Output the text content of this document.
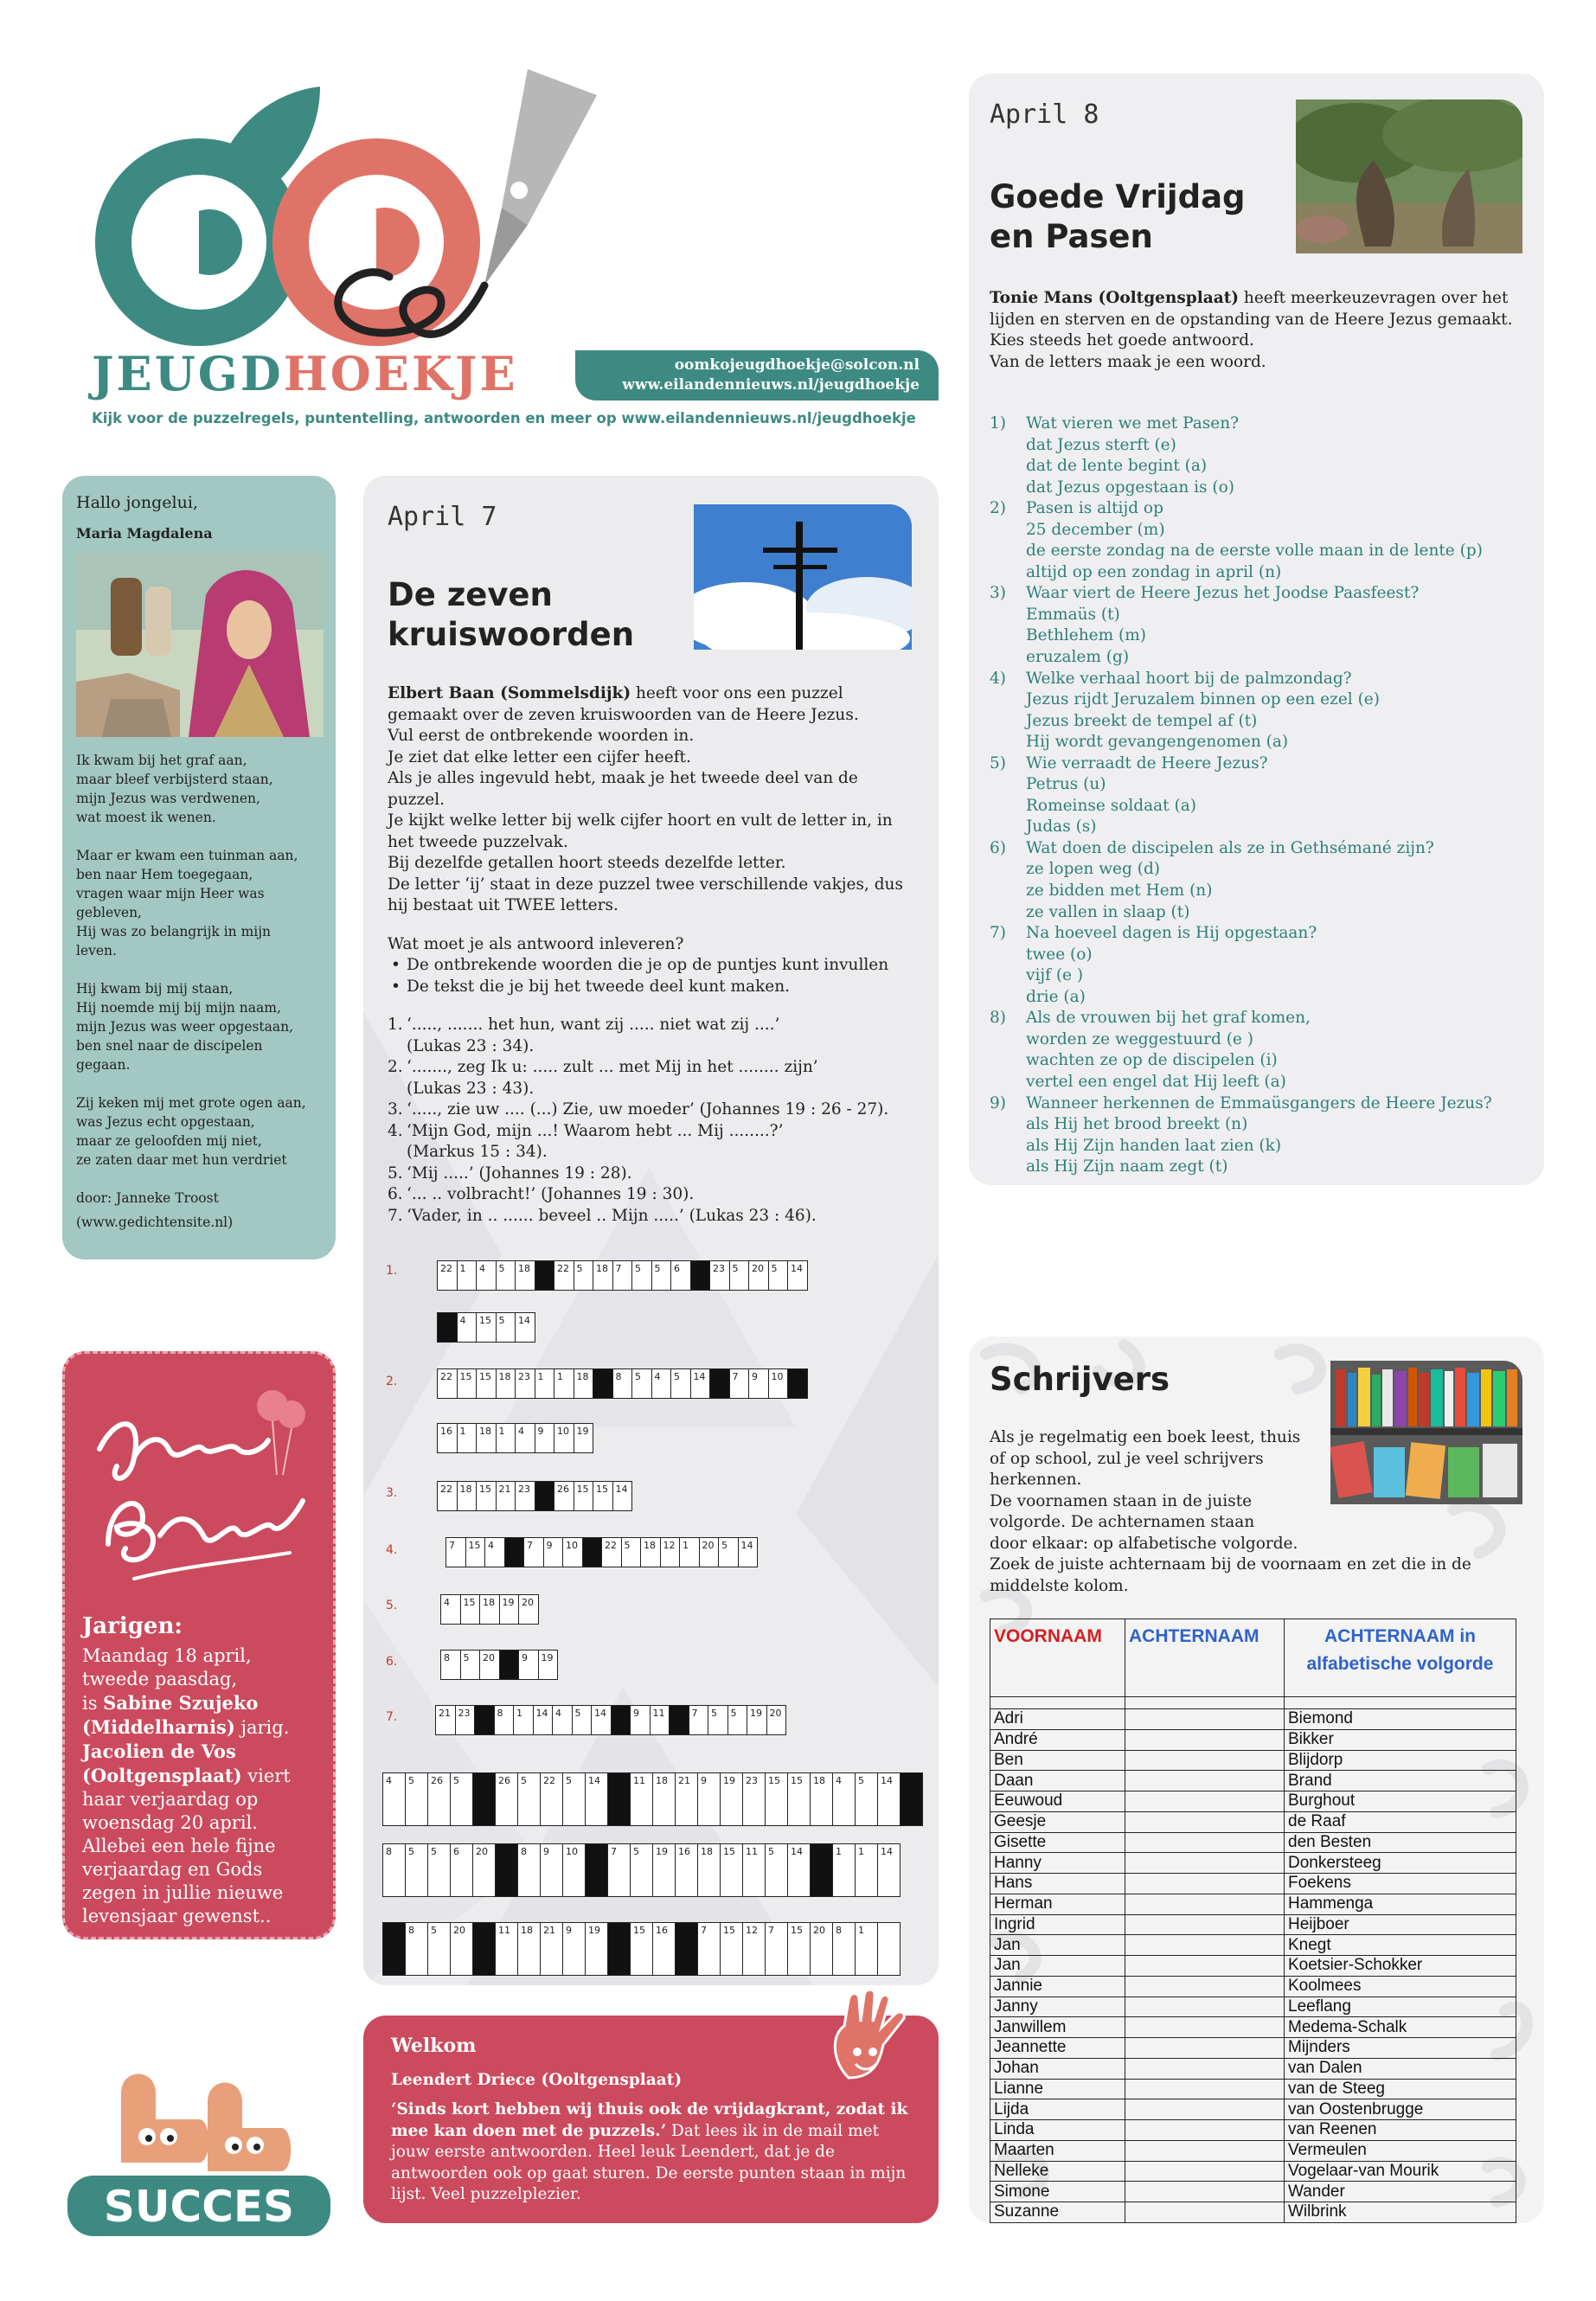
JEUGDHOEKJE	oomkojeugdhoekje@solcon.nl
www.eilandennieuws.nl/jeugdhoekje
Kijk voor de puzzelregels, puntentelling, antwoorden en meer op www.eilandennieuws.nl/jeugdhoekje
Hallo jongelui,
Maria Magdalena
Ik kwam bij het graf aan,
maar bleef verbijsterd staan,
mijn Jezus was verdwenen,
wat moest ik wenen.
Maar er kwam een tuinman aan,
ben naar Hem toegegaan,
vragen waar mijn Heer was
gebleven,
Hij was zo belangrijk in mijn
leven.
Hij kwam bij mij staan,
Hij noemde mij bij mijn naam,
mijn Jezus was weer opgestaan,
ben snel naar de discipelen
gegaan.
Zij keken mij met grote ogen aan,
was Jezus echt opgestaan,
maar ze geloofden mij niet,
ze zaten daar met hun verdriet
door: Janneke Troost
(www.gedichtensite.nl)
Jarigen:
Maandag 18 april,
tweede paasdag,
is Sabine Szujeko (Middelharnis) jarig. Jacolien de Vos (Ooltgensplaat) viert haar verjaardag op woensdag 20 april. Allebei een hele fijne verjaardag en Gods zegen in jullie nieuwe levensjaar gewenst..
SUCCES
April 7
De zeven
kruiswoorden

Elbert Baan (Sommelsdijk) heeft voor ons een puzzel gemaakt over de zeven kruiswoorden van de Heere Jezus.

Vul eerst de ontbrekende woorden in.

Je ziet dat elke letter een cijfer heeft.

Als je alles ingevuld hebt, maak je het tweede deel van de puzzel.

Je kijkt welke letter bij welk cijfer hoort en vult de letter in, in het tweede puzzelvak.

Bij dezelfde getallen hoort steeds dezelfde letter.

De letter ‘ij’ staat in deze puzzel twee verschillende vakjes, dus hij bestaat uit TWEE letters.

Wat moet je als antwoord inleveren?

• De ontbrekende woorden die je op de puntjes kunt invullen
• De tekst die je bij het tweede deel kunt maken.
1. ‘....., ....... het hun, want zij ..... niet wat zij ....’
(Lukas 23 : 34).
2. ‘......., zeg Ik u: ..... zult ... met Mij in het ........ zijn’
(Lukas 23 : 43).
3. ‘....., zie uw .... (...) Zie, uw moeder’ (Johannes 19 : 26 - 27).
4. ‘Mijn God, mijn ...! Waarom hebt ... Mij ........?’
(Markus 15 : 34).
5. ‘Mij .....’ (Johannes 19 : 28).
6. ‘... .. volbracht!’ (Johannes 19 : 30).
7. ‘Vader, in .. ...... beveel .. Mijn .....’ (Lukas 23 : 46).
1.
2.
3.
4.
5.
6.
7.
22 1	4	5	18	22 5	18 7	5	5	6	23 5	20 5	14
4	15 5	14
22 15 15 18 23 1	1	18	8	5	4	5	14	7	9	10
16 1	18 1	4	9	10 19
22 18 15 21 23	26 15 15 14
7	15 4	7	9	10	22 5	18 12 1	20 5	14
4	15 18 19 20
8	5	20	9	19
21 23	8	1	14 4	5	14	9	11	7	5	5	19 20
4	5	26	5	26	5	22	5	14	11	18	21	9	19	23	15	15	18	4	5	14
8	5	5	6	20	8	9	10	7	5	19	16	18	15	11	5	14	1	1	14
8	5	20	11	18	21	9	19	15	16	7	15	12	7	15	20	8	1
Welkom
Leendert Driece (Ooltgensplaat)
‘Sinds kort hebben wij thuis ook de vrijdagkrant, zodat ik mee kan doen met de puzzels.’ Dat lees ik in de mail met jouw eerste antwoorden. Heel leuk Leendert, dat je de antwoorden ook op gaat sturen. De eerste punten staan in mijn lijst. Veel puzzelplezier.
April 8
Goede Vrijdag
en Pasen
Tonie Mans (Ooltgensplaat) heeft meerkeuzevragen over het lijden en sterven en de opstanding van de Heere Jezus gemaakt.
Kies steeds het goede antwoord.
Van de letters maak je een woord.
1) Wat vieren we met Pasen?
dat Jezus sterft (e)
dat de lente begint (a)
dat Jezus opgestaan is (o)
2) Pasen is altijd op
25 december (m)
de eerste zondag na de eerste volle maan in de lente (p)
altijd op een zondag in april (n)
3) Waar viert de Heere Jezus het Joodse Paasfeest?
Emmaüs (t)
Bethlehem (m)
eruzalem (g)
4) Welke verhaal hoort bij de palmzondag?
Jezus rijdt Jeruzalem binnen op een ezel (e)
Jezus breekt de tempel af (t)
Hij wordt gevangengenomen (a)
5) Wie verraadt de Heere Jezus?
Petrus (u)
Romeinse soldaat (a)
Judas (s)
6) Wat doen de discipelen als ze in Gethsémané zijn?
ze lopen weg (d)
ze bidden met Hem (n)
ze vallen in slaap (t)
7) Na hoeveel dagen is Hij opgestaan?
twee (o)
vijf (e )
drie (a)
8) Als de vrouwen bij het graf komen,
worden ze weggestuurd (e )
wachten ze op de discipelen (i)
vertel een engel dat Hij leeft (a)
9) Wanneer herkennen de Emmaüsgangers de Heere Jezus?
als Hij het brood breekt (n)
als Hij Zijn handen laat zien (k)
als Hij Zijn naam zegt (t)
Schrijvers
Als je regelmatig een boek leest, thuis
of op school, zul je veel schrijvers
herkennen.
De voornamen staan in de juiste
volgorde. De achternamen staan
door elkaar: op alfabetische volgorde.
Zoek de juiste achternaam bij de voornaam en zet die in de
middelste kolom.
VOORNAAM	ACHTERNAAM	ACHTERNAAM in alfabetische volgorde

Adri		Biemond
André		Bikker
Ben		Blijdorp
Daan		Brand
Eeuwoud		Burghout
Geesje		de Raaf
Gisette		den Besten
Hanny		Donkersteeg
Hans		Foekens
Herman		Hammenga
Ingrid		Heijboer
Jan		Knegt
Jan		Koetsier-Schokker
Jannie		Koolmees
Janny		Leeflang
Janwillem		Medema-Schalk
Jeannette		Mijnders
Johan		van Dalen
Lianne		van de Steeg
Lijda		van Oostenbrugge
Linda		van Reenen
Maarten		Vermeulen
Nelleke		Vogelaar-van Mourik
Simone		Wander
Suzanne		Wilbrink
